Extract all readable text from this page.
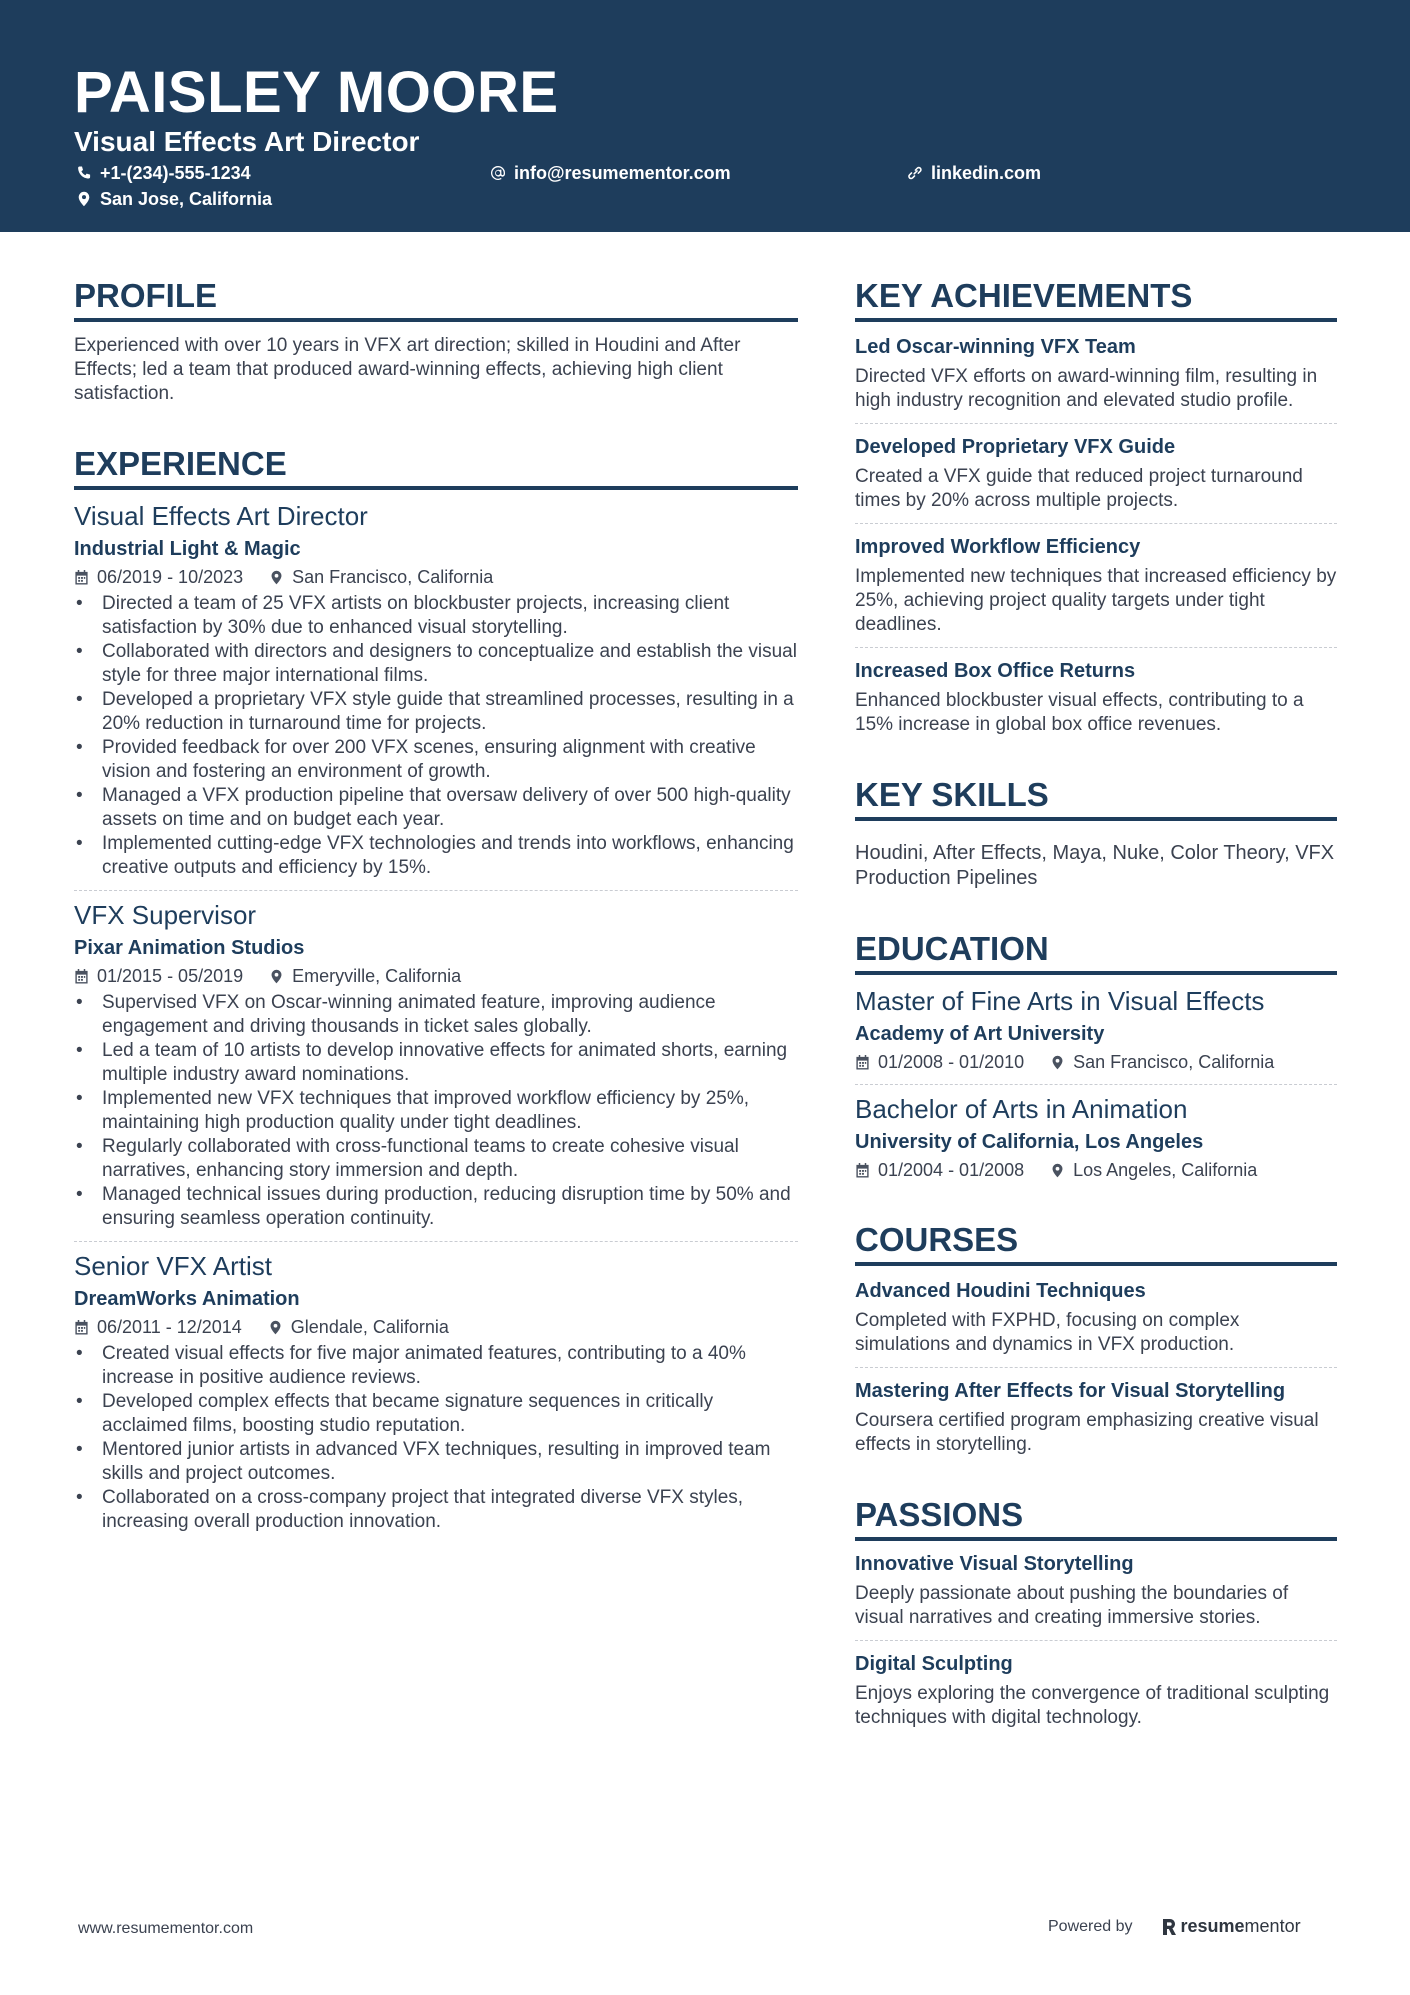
PAISLEY MOORE
Visual Effects Art Director
+1-(234)-555-1234	info@resumementor.com	linkedin.com
San Jose, California
PROFILE
Experienced with over 10 years in VFX art direction; skilled in Houdini and After Effects; led a team that produced award-winning effects, achieving high client satisfaction.
EXPERIENCE
Visual Effects Art Director
Industrial Light & Magic
06/2019 - 10/2023	San Francisco, California
• Directed a team of 25 VFX artists on blockbuster projects, increasing client satisfaction by 30% due to enhanced visual storytelling.
• Collaborated with directors and designers to conceptualize and establish the visual style for three major international films.
• Developed a proprietary VFX style guide that streamlined processes, resulting in a 20% reduction in turnaround time for projects.
• Provided feedback for over 200 VFX scenes, ensuring alignment with creative vision and fostering an environment of growth.
• Managed a VFX production pipeline that oversaw delivery of over 500 high-quality assets on time and on budget each year.
• Implemented cutting-edge VFX technologies and trends into workflows, enhancing creative outputs and efficiency by 15%.
VFX Supervisor
Pixar Animation Studios
01/2015 - 05/2019	Emeryville, California
• Supervised VFX on Oscar-winning animated feature, improving audience engagement and driving thousands in ticket sales globally.
• Led a team of 10 artists to develop innovative effects for animated shorts, earning multiple industry award nominations.
• Implemented new VFX techniques that improved workflow efficiency by 25%, maintaining high production quality under tight deadlines.
• Regularly collaborated with cross-functional teams to create cohesive visual narratives, enhancing story immersion and depth.
• Managed technical issues during production, reducing disruption time by 50% and ensuring seamless operation continuity.
Senior VFX Artist
DreamWorks Animation
06/2011 - 12/2014	Glendale, California
• Created visual effects for five major animated features, contributing to a 40% increase in positive audience reviews.
• Developed complex effects that became signature sequences in critically acclaimed films, boosting studio reputation.
• Mentored junior artists in advanced VFX techniques, resulting in improved team skills and project outcomes.
• Collaborated on a cross-company project that integrated diverse VFX styles, increasing overall production innovation.
KEY ACHIEVEMENTS
Led Oscar-winning VFX Team
Directed VFX efforts on award-winning film, resulting in high industry recognition and elevated studio profile.
Developed Proprietary VFX Guide
Created a VFX guide that reduced project turnaround times by 20% across multiple projects.
Improved Workflow Efficiency
Implemented new techniques that increased efficiency by 25%, achieving project quality targets under tight deadlines.
Increased Box Office Returns
Enhanced blockbuster visual effects, contributing to a 15% increase in global box office revenues.
KEY SKILLS
Houdini, After Effects, Maya, Nuke, Color Theory, VFX Production Pipelines
EDUCATION
Master of Fine Arts in Visual Effects
Academy of Art University
01/2008 - 01/2010	San Francisco, California
Bachelor of Arts in Animation
University of California, Los Angeles
01/2004 - 01/2008	Los Angeles, California
COURSES
Advanced Houdini Techniques
Completed with FXPHD, focusing on complex simulations and dynamics in VFX production.
Mastering After Effects for Visual Storytelling
Coursera certified program emphasizing creative visual effects in storytelling.
PASSIONS
Innovative Visual Storytelling
Deeply passionate about pushing the boundaries of visual narratives and creating immersive stories.
Digital Sculpting
Enjoys exploring the convergence of traditional sculpting techniques with digital technology.
www.resumementor.com	Powered by	resume mentor
